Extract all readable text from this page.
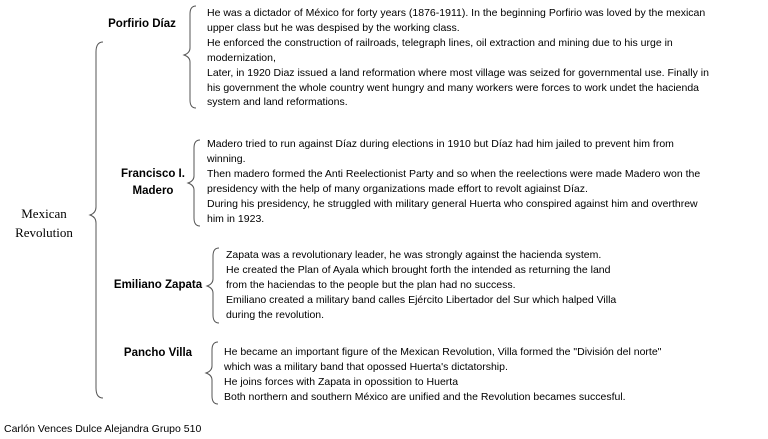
Mexican
Revolution
Porfirio Díaz
He was a dictador of México for forty years (1876-1911). In the beginning Porfirio was loved by the mexican
upper class but he was despised by the working class.
He enforced the construction of railroads, telegraph lines, oil extraction and mining due to his urge in
modernization,
Later, in 1920 Diaz issued a land reformation where most village was seized for governmental use. Finally in
his government the whole country went hungry and many workers were forces to work undet the hacienda
system and land reformations.
Francisco I.
Madero
Madero tried to run against Díaz during elections in 1910 but Díaz had him jailed to prevent him from
winning.
Then madero formed the Anti Reelectionist Party and so when the reelections were made Madero won the
presidency with the help of many organizations made effort to revolt agiainst Díaz.
During his presidency, he struggled with military general Huerta who conspired against him and overthrew
him in 1923.
Emiliano Zapata
Zapata was a revolutionary leader, he was strongly against the hacienda system.
He created the Plan of Ayala which brought forth the intended as returning the land
from the haciendas to the people but the plan had no success.
Emiliano created a military band calles Ejército Libertador del Sur which halped Villa
during the revolution.
Pancho Villa	He became an important figure of the Mexican Revolution, Villa formed the "División del norte"
which was a military band that opossed Huerta's dictatorship.
He joins forces with Zapata in opossition to Huerta
Both northern and southern México are unified and the Revolution becames succesful.
Carlón Vences Dulce Alejandra Grupo 510
